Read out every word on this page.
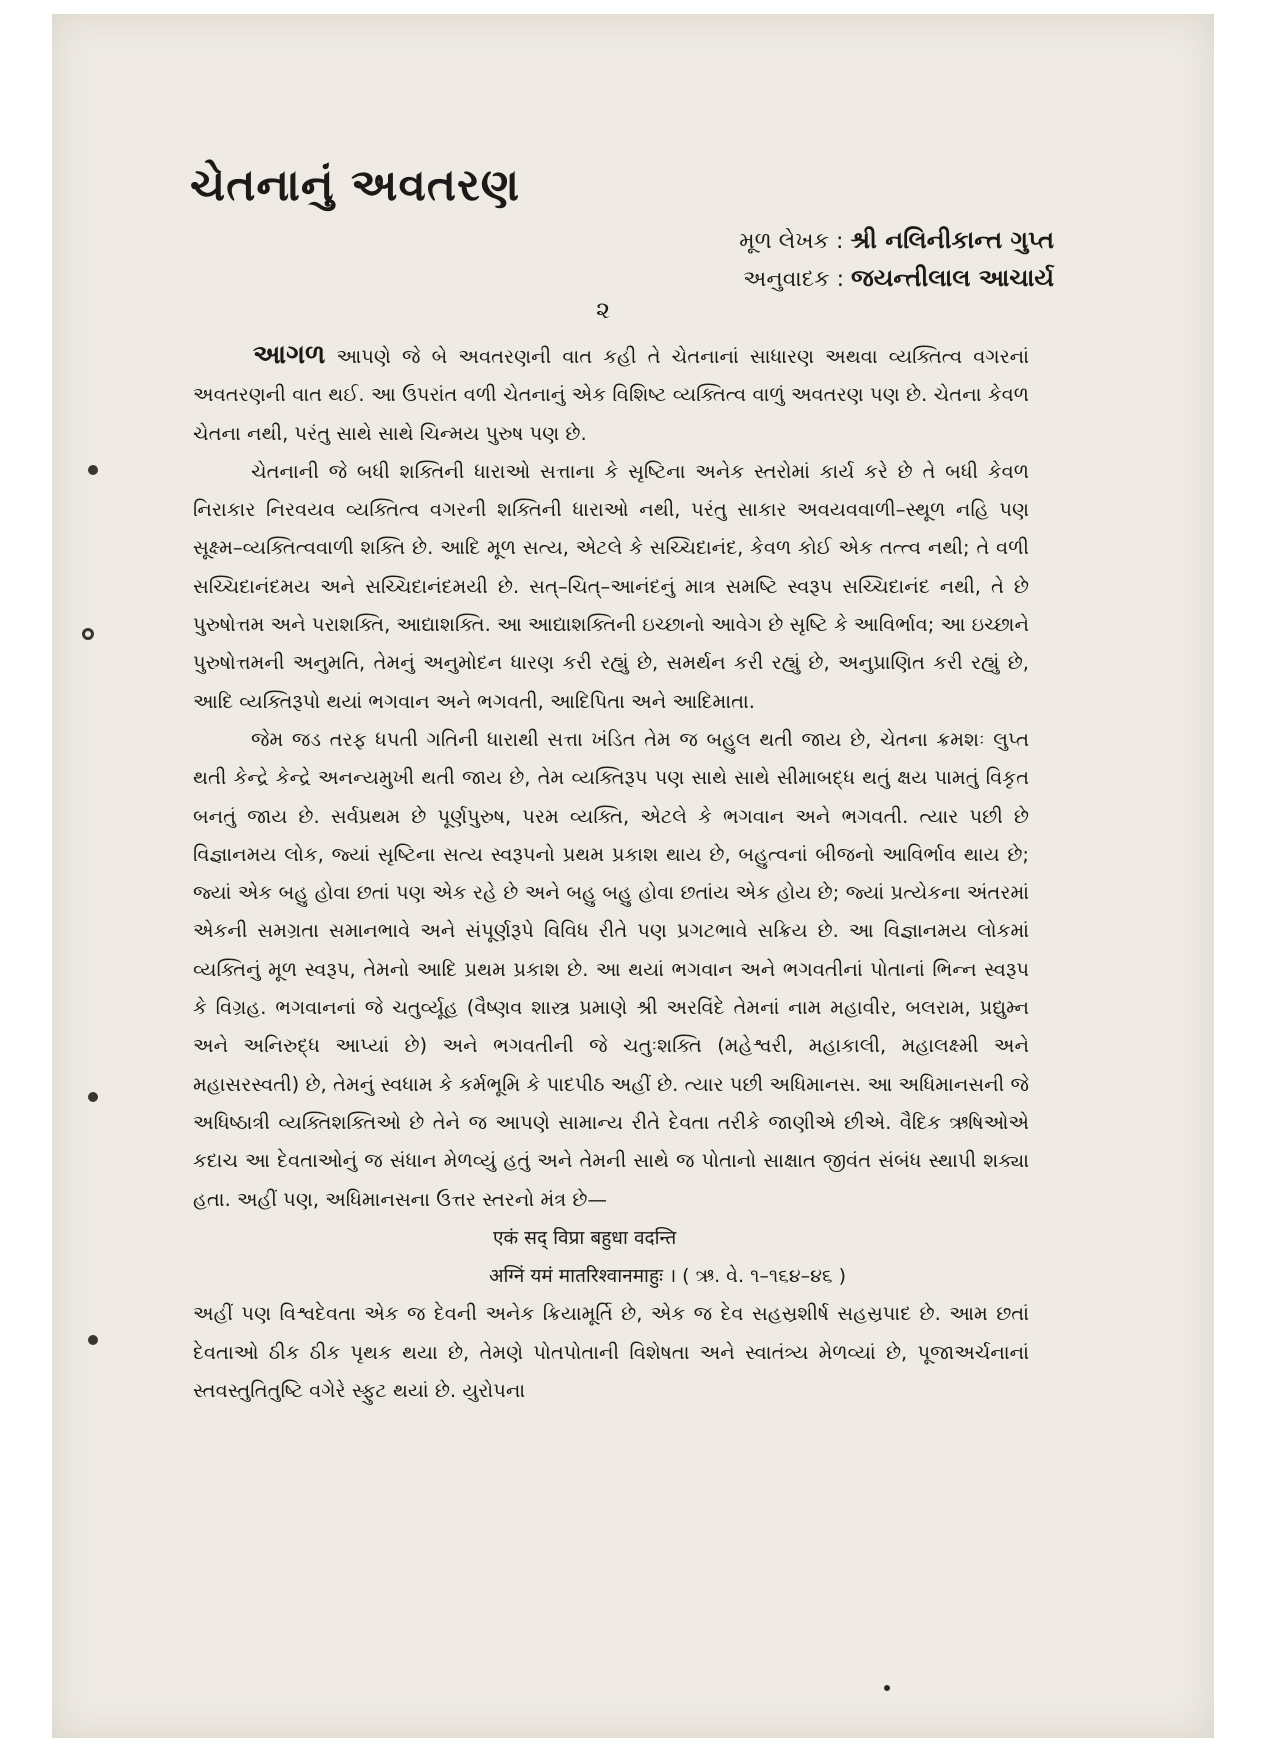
ચેતનાનું અવતરણ
મૂળ લેખક : શ્રી નલિનીકાન્ત ગુપ્ત
અનુવાદક : જયન્તીલાલ આચાર્ય
૨

આગળ આપણે જે બે અવતરણની વાત કહી તે ચેતનાનાં સાધારણ અથવા વ્યક્તિત્વ વગરનાં અવતરણની વાત થઈ. આ ઉપરાંત વળી ચેતનાનું એક વિશિષ્ટ વ્યક્તિત્વ વાળું અવતરણ પણ છે. ચેતના કેવળ ચેતના નથી, પરંતુ સાથે સાથે ચિન્મય પુરુષ પણ છે.

ચેતનાની જે બધી શક્તિની ધારાઓ સત્તાના કે સૃષ્ટિના અનેક સ્તરોમાં કાર્ય કરે છે તે બધી કેવળ નિરાકાર નિરવયવ વ્યક્તિત્વ વગરની શક્તિની ધારાઓ નથી, પરંતુ સાકાર અવયવવાળી–સ્થૂળ નહિ પણ સૂક્ષ્મ–વ્યક્તિત્વવાળી શક્તિ છે. આદિ મૂળ સત્ય, એટલે કે સચ્ચિદાનંદ, કેવળ કોઈ એક તત્ત્વ નથી; તે વળી સચ્ચિદાનંદમય અને સચ્ચિદાનંદમયી છે. સત્–ચિત્–આનંદનું માત્ર સમષ્ટિ સ્વરૂપ સચ્ચિદાનંદ નથી, તે છે પુરુષોત્તમ અને પરાશક્તિ, આદ્યાશક્તિ. આ આદ્યાશક્તિની ઇચ્છાનો આવેગ છે સૃષ્ટિ કે આવિર્ભાવ; આ ઇચ્છાને પુરુષોત્તમની અનુમતિ, તેમનું અનુમોદન ધારણ કરી રહ્યું છે, સમર્થન કરી રહ્યું છે, અનુપ્રાણિત કરી રહ્યું છે, આદિ વ્યક્તિરૂપો થયાં ભગવાન અને ભગવતી, આદિપિતા અને આદિમાતા.

જેમ જડ તરફ ધપતી ગતિની ધારાથી સત્તા ખંડિત તેમ જ બહુલ થતી જાય છે, ચેતના ક્રમશઃ લુપ્ત થતી કેન્દ્રે કેન્દ્રે અનન્યમુખી થતી જાય છે, તેમ વ્યક્તિરૂપ પણ સાથે સાથે સીમાબદ્ધ થતું ક્ષય પામતું વિકૃત બનતું જાય છે. સર્વપ્રથમ છે પૂર્ણપુરુષ, પરમ વ્યક્તિ, એટલે કે ભગવાન અને ભગવતી. ત્યાર પછી છે વિજ્ઞાનમય લોક, જ્યાં સૃષ્ટિના સત્ય સ્વરૂપનો પ્રથમ પ્રકાશ થાય છે, બહુત્વનાં બીજનો આવિર્ભાવ થાય છે; જ્યાં એક બહુ હોવા છતાં પણ એક રહે છે અને બહુ બહુ હોવા છતાંય એક હોય છે; જ્યાં પ્રત્યેકના અંતરમાં એકની સમગ્રતા સમાનભાવે અને સંપૂર્ણરૂપે વિવિધ રીતે પણ પ્રગટભાવે સક્રિય છે. આ વિજ્ઞાનમય લોકમાં વ્યક્તિનું મૂળ સ્વરૂપ, તેમનો આદિ પ્રથમ પ્રકાશ છે. આ થયાં ભગવાન અને ભગવતીનાં પોતાનાં ભિન્ન સ્વરૂપ કે વિગ્રહ. ભગવાનનાં જે ચતુર્વ્યૂહ (વૈષ્ણવ શાસ્ત્ર પ્રમાણે શ્રી અરવિંદે તેમનાં નામ મહાવીર, બલરામ, પ્રદ્યુમ્ન અને અનિરુદ્ધ આપ્યાં છે) અને ભગવતીની જે ચતુઃશક્તિ (મહેશ્વરી, મહાકાલી, મહાલક્ષ્મી અને મહાસરસ્વતી) છે, તેમનું સ્વધામ કે કર્મભૂમિ કે પાદપીઠ અહીં છે. ત્યાર પછી અધિમાનસ. આ અધિમાનસની જે અધિષ્ઠાત્રી વ્યક્તિશક્તિઓ છે તેને જ આપણે સામાન્ય રીતે દેવતા તરીકે જાણીએ છીએ. વૈદિક ઋષિઓએ કદાચ આ દેવતાઓનું જ સંધાન મેળવ્યું હતું અને તેમની સાથે જ પોતાનો સાક્ષાત જીવંત સંબંધ સ્થાપી શક્યા હતા. અહીં પણ, અધિમાનસના ઉત્તર સ્તરનો મંત્ર છે—

एकं सद् विप्रा बहुधा वदन्ति

अग्निं यमं मातरिश्वानमाहुः । ( ઋ. વે. ૧–૧૬૪–૪૬ )

અહીં પણ વિશ્વદેવતા એક જ દેવની અનેક ક્રિયામૂર્તિ છે, એક જ દેવ સહસ્રશીર્ષ સહસ્રપાદ છે. આમ છતાં દેવતાઓ ઠીક ઠીક પૃથક થયા છે, તેમણે પોતપોતાની વિશેષતા અને સ્વાતંત્ર્ય મેળવ્યાં છે, પૂજાઅર્ચનાનાં સ્તવસ્તુતિતુષ્ટિ વગેરે સ્ફુટ થયાં છે. યુરોપના
